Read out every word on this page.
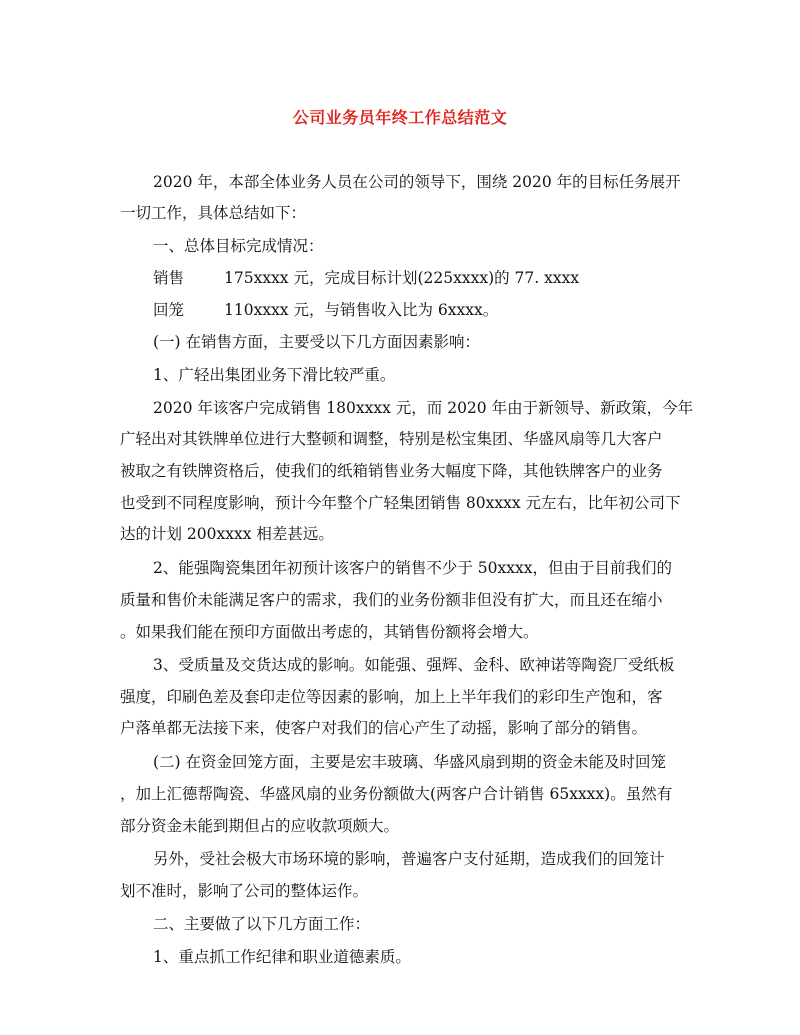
公司业务员年终工作总结范文
2020 年，本部全体业务人员在公司的领导下，围绕 2020 年的目标任务展开
一切工作，具体总结如下：
一、总体目标完成情况：
销售	175xxxx 元，完成目标计划(225xxxx)的 77. xxxx
回笼	110xxxx 元，与销售收入比为 6xxxx。
(一) 在销售方面，主要受以下几方面因素影响：
1、广轻出集团业务下滑比较严重。
2020 年该客户完成销售 180xxxx 元，而 2020 年由于新领导、新政策，今年
广轻出对其铁牌单位进行大整顿和调整，特别是松宝集团、华盛风扇等几大客户
被取之有铁牌资格后，使我们的纸箱销售业务大幅度下降，其他铁牌客户的业务
也受到不同程度影响，预计今年整个广轻集团销售 80xxxx 元左右，比年初公司下
达的计划 200xxxx 相差甚远。
2、能强陶瓷集团年初预计该客户的销售不少于 50xxxx，但由于目前我们的
质量和售价未能满足客户的需求，我们的业务份额非但没有扩大，而且还在缩小
。如果我们能在预印方面做出考虑的，其销售份额将会增大。
3、受质量及交货达成的影响。如能强、强辉、金科、欧神诺等陶瓷厂受纸板
强度，印刷色差及套印走位等因素的影响，加上上半年我们的彩印生产饱和，客
户落单都无法接下来，使客户对我们的信心产生了动摇，影响了部分的销售。
(二) 在资金回笼方面，主要是宏丰玻璃、华盛风扇到期的资金未能及时回笼
，加上汇德帮陶瓷、华盛风扇的业务份额做大(两客户合计销售 65xxxx)。虽然有
部分资金未能到期但占的应收款项颇大。
另外，受社会极大市场环境的影响，普遍客户支付延期，造成我们的回笼计
划不准时，影响了公司的整体运作。
二、主要做了以下几方面工作：
1、重点抓工作纪律和职业道德素质。
